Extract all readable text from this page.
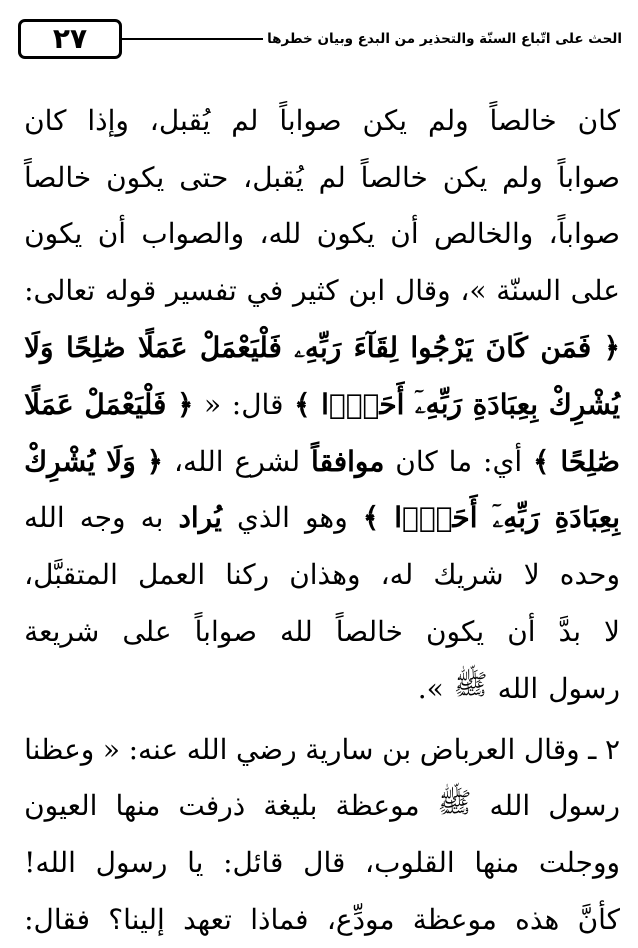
٢٧	الحث على اتّباع السنّة والتحذير من البدع وبيان خطرها
كان
خالصاً
ولم
يكن
صواباً
لم
يُقبل،
وإذا
كان
صواباً
ولم
يكن
خالصاً
لم
يُقبل،
حتى
يكون
خالصاً
صواباً،
والخالص
أن
يكون
لله،
والصواب
أن
يكون
على
السنّة
»،
وقال
ابن
كثير
في
تفسير
قوله
تعالى:
﴿
فَمَن
كَانَ
يَرْجُوا
لِقَآءَ
رَبِّهِۦ
فَلْيَعْمَلْ
عَمَلًا
صَٰلِحًا
وَلَا
يُشْرِكْ
بِعِبَادَةِ
رَبِّهِۦٓ
أَحَدًۢا
﴾
قال:
«
﴿
فَلْيَعْمَلْ
عَمَلًا
صَٰلِحًا
﴾
أي:
ما
كان
موافقاً
لشرع
الله،
﴿
وَلَا
يُشْرِكْ
بِعِبَادَةِ
رَبِّهِۦٓ
أَحَدًۢا
﴾
وهو
الذي
يُراد
به
وجه
الله
وحده
لا
شريك
له،
وهذان
ركنا
العمل
المتقبَّل،
لا
بدَّ
أن
يكون
خالصاً
لله
صواباً
على
شريعة
رسول
الله
ﷺ
».
٢
ـ
وقال
العرباض
بن
سارية
رضي
الله
عنه:
«
وعظنا
رسول
الله
ﷺ
موعظة
بليغة
ذرفت
منها
العيون
ووجلت
منها
القلوب،
قال
قائل:
يا
رسول
الله!
كأنَّ
هذه
موعظة
مودِّع،
فماذا
تعهد
إلينا؟
فقال:
